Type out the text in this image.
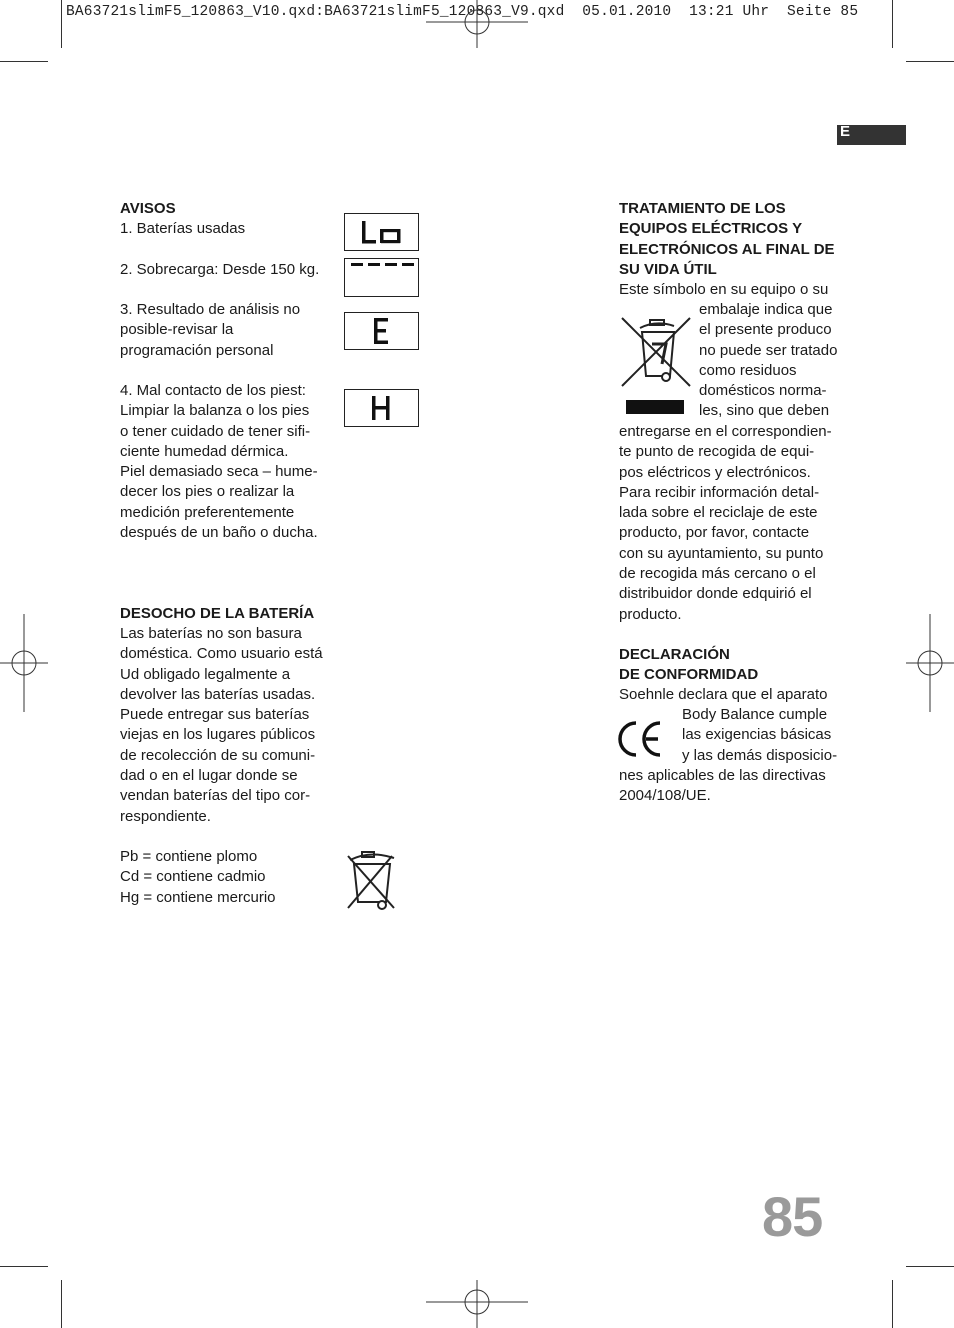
BA63721slimF5_120863_V10.qxd:BA63721slimF5_120863_V9.qxd  05.01.2010  13:21 Uhr  Seite 85
E
AVISOS
1. Baterías usadas
2. Sobrecarga: Desde 150 kg.
3. Resultado de análisis no
posible-revisar la
programación personal
4. Mal contacto de los piest:
Limpiar la balanza o los pies
o tener cuidado de tener sifi-
ciente humedad dérmica.
Piel demasiado seca – hume-
decer los pies o realizar la
medición preferentemente
después de un baño o ducha.
DESOCHO DE LA BATERÍA
Las baterías no son basura
doméstica. Como usuario está
Ud obligado legalmente a
devolver las baterías usadas.
Puede entregar sus baterías
viejas en los lugares públicos
de recolección de su comuni-
dad o en el lugar donde se
vendan baterías del tipo cor-
respondiente.
Pb = contiene plomo
Cd = contiene cadmio
Hg = contiene mercurio
TRATAMIENTO DE LOS
EQUIPOS ELÉCTRICOS Y
ELECTRÓNICOS AL FINAL DE
SU VIDA ÚTIL
Este símbolo en su equipo o su
embalaje indica que
el presente produco
no puede ser tratado
como residuos
domésticos norma-
les, sino que deben
entregarse en el correspondien-
te punto de recogida de equi-
pos eléctricos y electrónicos.
Para recibir información detal-
lada sobre el reciclaje de este
producto, por favor, contacte
con su ayuntamiento, su punto
de recogida más cercano o el
distribuidor donde edquirió el
producto.
DECLARACIÓN
DE CONFORMIDAD
Soehnle declara que el aparato
Body Balance cumple
las exigencias básicas
y las demás disposicio-
nes aplicables de las directivas
2004/108/UE.
85
